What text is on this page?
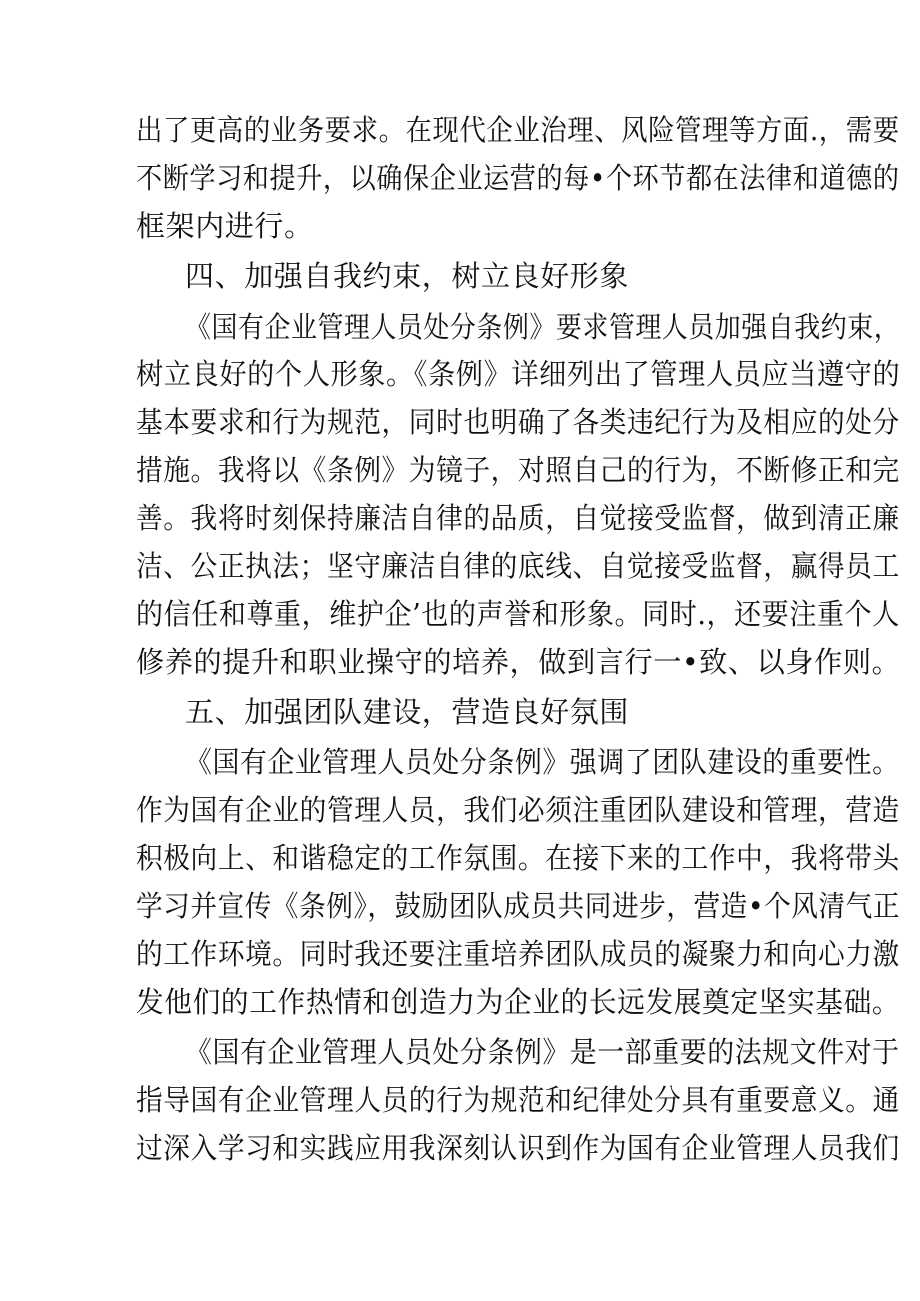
出了更高的业务要求。在现代企业治理、风险管理等方面.，需要
不断学习和提升，以确保企业运营的每•个环节都在法律和道德的
框架内进行。
四、加强自我约束，树立良好形象
《国有企业管理人员处分条例》要求管理人员加强自我约束，
树立良好的个人形象。《条例》详细列出了管理人员应当遵守的
基本要求和行为规范，同时也明确了各类违纪行为及相应的处分
措施。我将以《条例》为镜子，对照自己的行为，不断修正和完
善。我将时刻保持廉洁自律的品质，自觉接受监督，做到清正廉
洁、公正执法；坚守廉洁自律的底线、自觉接受监督，赢得员工
的信任和尊重，维护企’也的声誉和形象。同时.，还要注重个人
修养的提升和职业操守的培养，做到言行一•致、以身作则。
五、加强团队建设，营造良好氛围
《国有企业管理人员处分条例》强调了团队建设的重要性。
作为国有企业的管理人员，我们必须注重团队建设和管理，营造
积极向上、和谐稳定的工作氛围。在接下来的工作中，我将带头
学习并宣传《条例》，鼓励团队成员共同进步，营造•个风清气正
的工作环境。同时我还要注重培养团队成员的凝聚力和向心力激
发他们的工作热情和创造力为企业的长远发展奠定坚实基础。
《国有企业管理人员处分条例》是一部重要的法规文件对于
指导国有企业管理人员的行为规范和纪律处分具有重要意义。通
过深入学习和实践应用我深刻认识到作为国有企业管理人员我们
